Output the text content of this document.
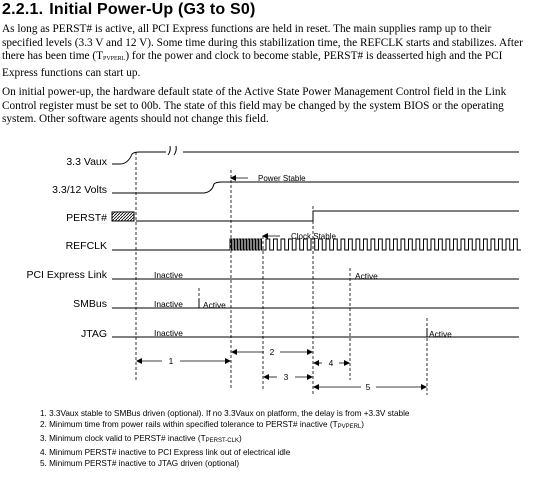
2.2.1. Initial Power-Up (G3 to S0)

As long as PERST# is active, all PCI Express functions are held in reset. The main supplies ramp up to their specified levels (3.3 V and 12 V). Some time during this stabilization time, the REFCLK starts and stabilizes. After there has been time $(T_{PVPERL})$ for the power and clock to become stable, PERST# is deasserted high and the PCI Express functions can start up.

On initial power-up, the hardware default state of the Active State Power Management Control field in the Link Control register must be set to 00b. The state of this field may be changed by the system BIOS or the operating system. Other software agents should not change this field.

3.3 Vaux
3.3/12 Volts
PERST#
REFCLK
PCI Express Link
SMBus
JTAG
Power Stable
Clock Stable
Inactive	Active
Inactive Active
Inactive	Active
1
2
3
4
5
1. 3.3Vaux stable to SMBus driven (optional). If no 3.3Vaux on platform, the delay is from +3.3V stable
2. Minimum time from power rails within specified tolerance to PERST# inactive $(T_{PVPERL})$
3. Minimum clock valid to PERST# inactive $(T_{PERST-CLK})$
4. Minimum PERST# inactive to PCI Express link out of electrical idle
5. Minimum PERST# inactive to JTAG driven (optional)
